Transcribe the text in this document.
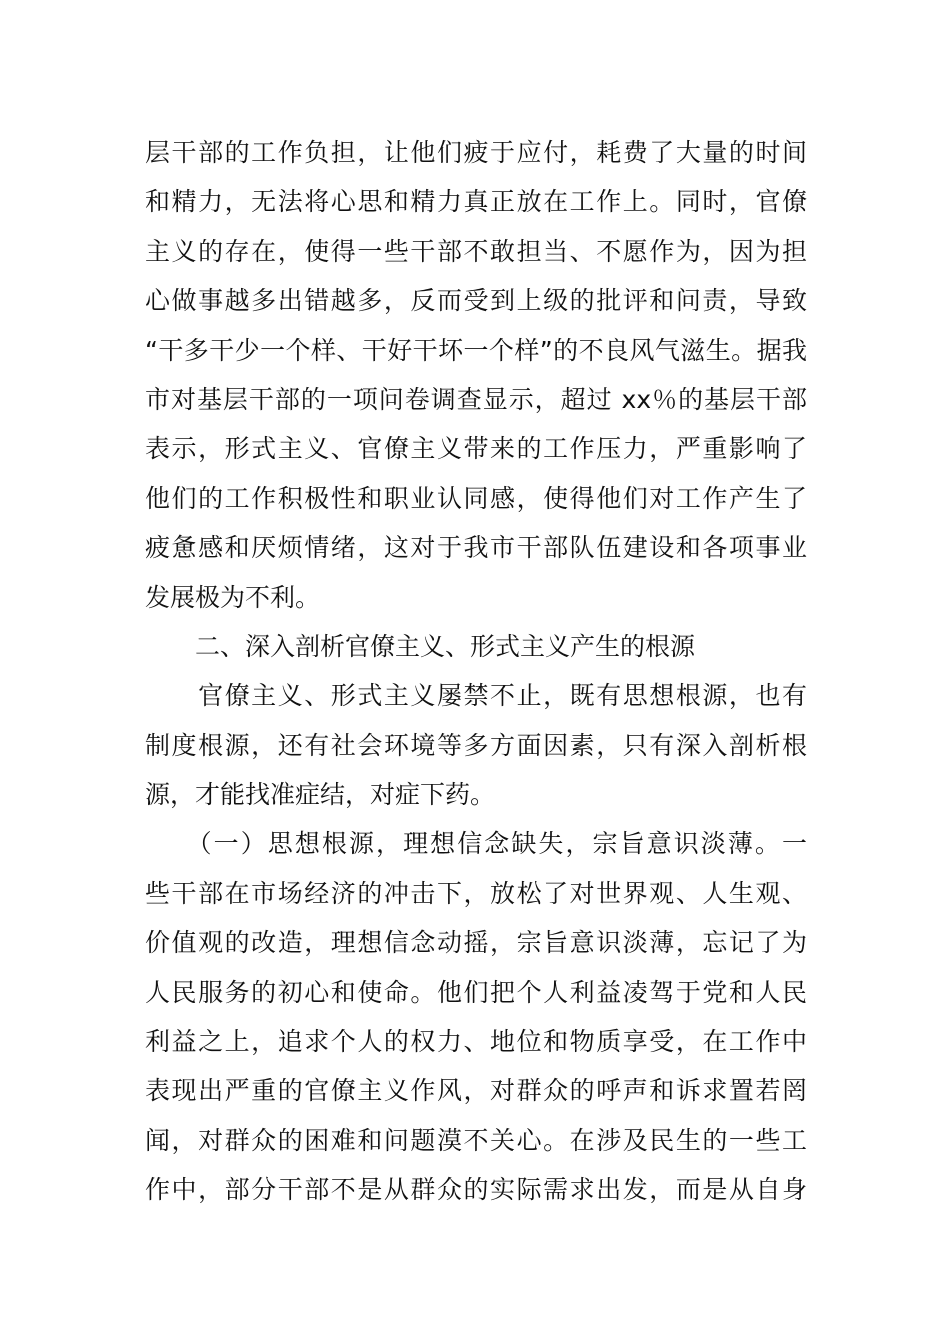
层干部的工作负担，让他们疲于应付，耗费了大量的时间
和精力，无法将心思和精力真正放在工作上。同时，官僚
主义的存在，使得一些干部不敢担当、不愿作为，因为担
心做事越多出错越多，反而受到上级的批评和问责，导致
“干多干少一个样、干好干坏一个样”的不良风气滋生。据我
市对基层干部的一项问卷调查显示，超过 xx％的基层干部
表示，形式主义、官僚主义带来的工作压力，严重影响了
他们的工作积极性和职业认同感，使得他们对工作产生了
疲惫感和厌烦情绪，这对于我市干部队伍建设和各项事业
发展极为不利。
　　二、深入剖析官僚主义、形式主义产生的根源
　　官僚主义、形式主义屡禁不止，既有思想根源，也有
制度根源，还有社会环境等多方面因素，只有深入剖析根
源，才能找准症结，对症下药。
　　（一）思想根源，理想信念缺失，宗旨意识淡薄。一
些干部在市场经济的冲击下，放松了对世界观、人生观、
价值观的改造，理想信念动摇，宗旨意识淡薄，忘记了为
人民服务的初心和使命。他们把个人利益凌驾于党和人民
利益之上，追求个人的权力、地位和物质享受，在工作中
表现出严重的官僚主义作风，对群众的呼声和诉求置若罔
闻，对群众的困难和问题漠不关心。在涉及民生的一些工
作中，部分干部不是从群众的实际需求出发，而是从自身
